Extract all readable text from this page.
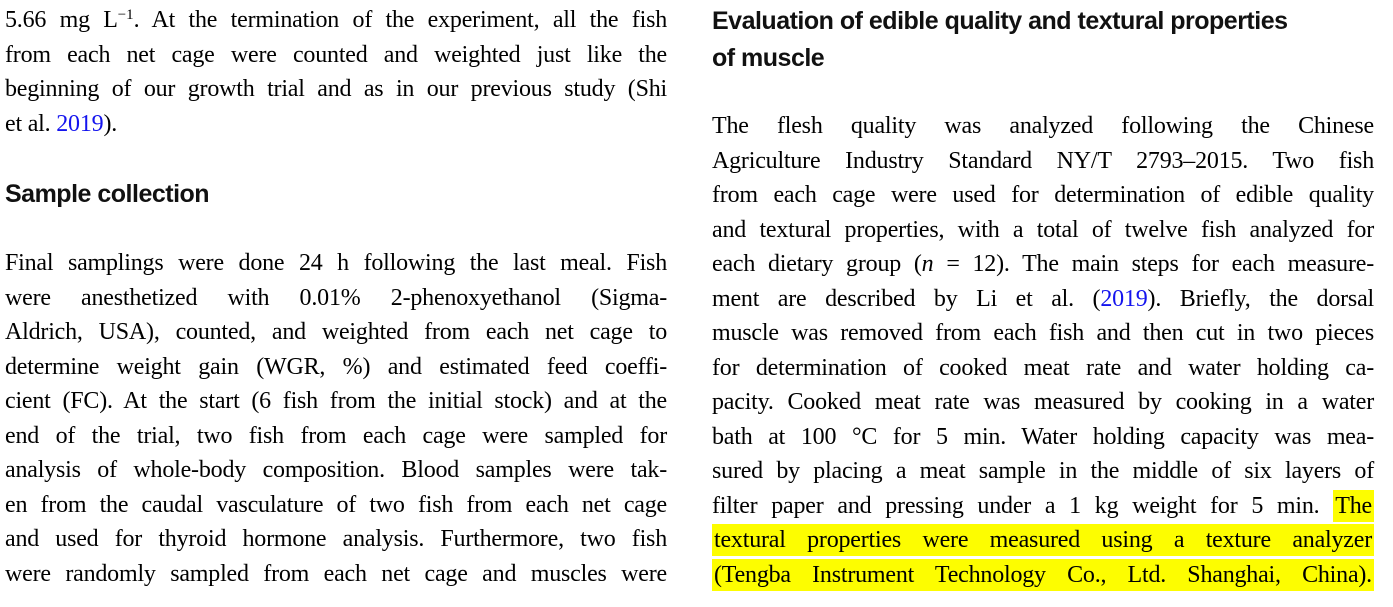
5.66 mg $L^{-1}$. At the termination of the experiment, all the fish
from each net cage were counted and weighted just like the
beginning of our growth trial and as in our previous study (Shi
et al. 2019).
Sample collection
Final samplings were done 24 h following the last meal. Fish
were anesthetized with 0.01% 2-phenoxyethanol (Sigma-
Aldrich, USA), counted, and weighted from each net cage to
determine weight gain (WGR, %) and estimated feed coeffi-
cient (FC). At the start (6 fish from the initial stock) and at the
end of the trial, two fish from each cage were sampled for
analysis of whole-body composition. Blood samples were tak-
en from the caudal vasculature of two fish from each net cage
and used for thyroid hormone analysis. Furthermore, two fish
were randomly sampled from each net cage and muscles were
Evaluation of edible quality and textural properties
of muscle
The flesh quality was analyzed following the Chinese
Agriculture Industry Standard NY/T 2793–2015. Two fish
from each cage were used for determination of edible quality
and textural properties, with a total of twelve fish analyzed for
each dietary group (n = 12). The main steps for each measure-
ment are described by Li et al. (2019). Briefly, the dorsal
muscle was removed from each fish and then cut in two pieces
for determination of cooked meat rate and water holding ca-
pacity. Cooked meat rate was measured by cooking in a water
bath at 100 °C for 5 min. Water holding capacity was mea-
sured by placing a meat sample in the middle of six layers of
filter paper and pressing under a 1 kg weight for 5 min. The
textural properties were measured using a texture analyzer
(Tengba Instrument Technology Co., Ltd. Shanghai, China).
